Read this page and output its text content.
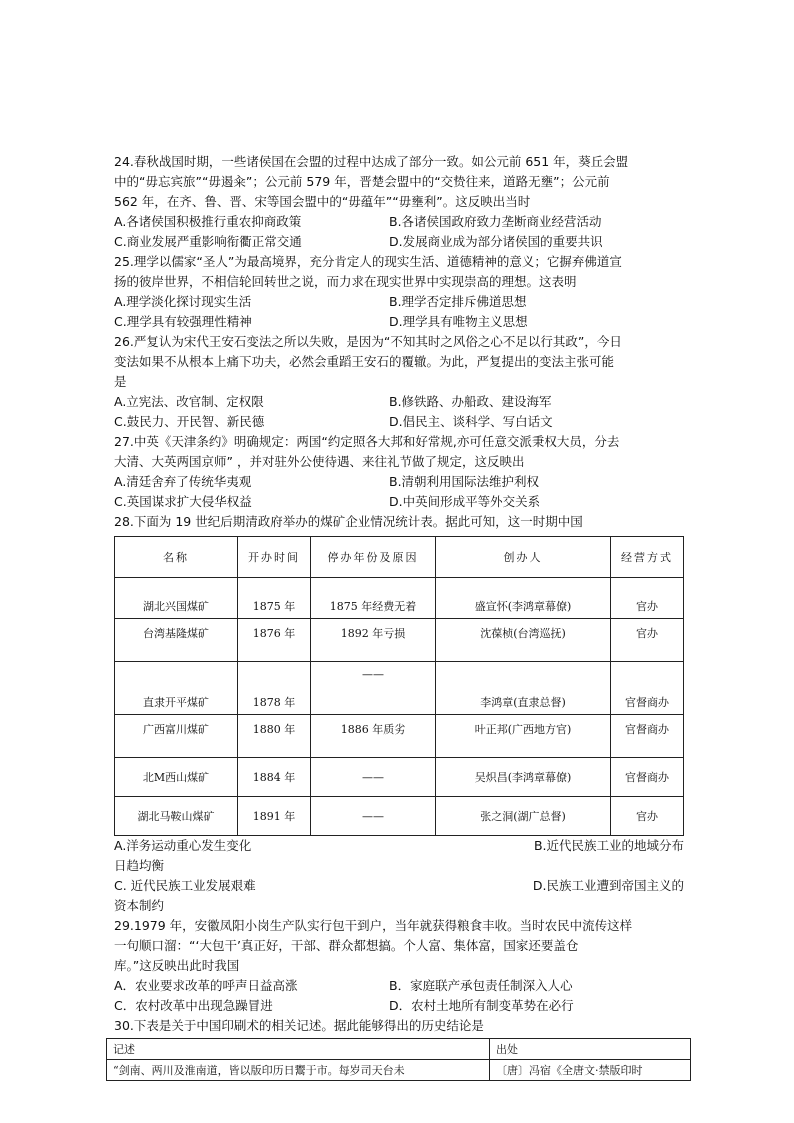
24.春秋战国时期，一些诸侯国在会盟的过程中达成了部分一致。如公元前 651 年，葵丘会盟
中的“毋忘宾旅”“毋遏籴”；公元前 579 年，晋楚会盟中的“交贽往来，道路无壅”；公元前
562 年，在齐、鲁、晋、宋等国会盟中的“毋蕴年”“毋壅利”。这反映出当时
A.各诸侯国积极推行重农抑商政策	B.各诸侯国政府致力垄断商业经营活动
C.商业发展严重影响衔衢正常交通	D.发展商业成为部分诸侯国的重要共识
25.理学以儒家“圣人”为最高境界，充分肯定人的现实生活、道德精神的意义；它摒弃佛道宣
扬的彼岸世界，不相信轮回转世之说，而力求在现实世界中实现崇高的理想。这表明
A.理学淡化探讨现实生活	B.理学否定排斥佛道思想
C.理学具有较强理性精神	D.理学具有唯物主义思想
26.严复认为宋代王安石变法之所以失败，是因为“不知其时之风俗之心不足以行其政”，今日
变法如果不从根本上痛下功夫，必然会重蹈王安石的覆辙。为此，严复提出的变法主张可能
是
A.立宪法、改官制、定权限	B.修铁路、办船政、建设海军
C.鼓民力、开民智、新民德	D.倡民主、谈科学、写白话文
27.中英《天津条约》明确规定：两国“约定照各大邦和好常规,亦可任意交派秉权大员，分去
大清、大英两国京师” ，并对驻外公使待遇、来往礼节做了规定，这反映出
A.清廷舍弃了传统华夷观	B.清朝利用国际法维护利权
C.英国谋求扩大侵华权益	D.中英间形成平等外交关系
28.下面为 19 世纪后期清政府举办的煤矿企业情况统计表。据此可知，这一时期中国
名称	开办时间	停办年份及原因	创办人	经营方式
湖北兴国煤矿	1875 年	1875 年经费无着	盛宣怀(李鸿章幕僚)	官办
台湾基隆煤矿	1876 年	1892 年亏损	沈葆桢(台湾巡抚)	官办
直隶开平煤矿	1878 年	——	李鸿章(直隶总督)	官督商办
广西富川煤矿	1880 年	1886 年质劣	叶正邦(广西地方官)	官督商办
北M西山煤矿	1884 年	——	吴炽昌(李鸿章幕僚)	官督商办
湖北马鞍山煤矿	1891 年	——	张之洞(湖广总督)	官办
A.洋务运动重心发生变化	B.近代民族工业的地域分布
日趋均衡
C. 近代民族工业发展艰难	D.民族工业遭到帝国主义的
资本制约
29.1979 年，安徽凤阳小岗生产队实行包干到户，当年就获得粮食丰收。当时农民中流传这样
一句顺口溜：“‘大包干’真正好，干部、群众都想搞。个人富、集体富，国家还要盖仓
库。”这反映出此时我国
A．农业要求改革的呼声日益高涨	B．家庭联产承包责任制深入人心
C．农村改革中出现急躁冒进	D．农村土地所有制变革势在必行
30.下表是关于中国印刷术的相关记述。据此能够得出的历史结论是
记述	出处
“剑南、两川及淮南道，皆以版印历日鬻于市。每岁司天台未	〔唐〕冯宿《全唐文·禁版印时
